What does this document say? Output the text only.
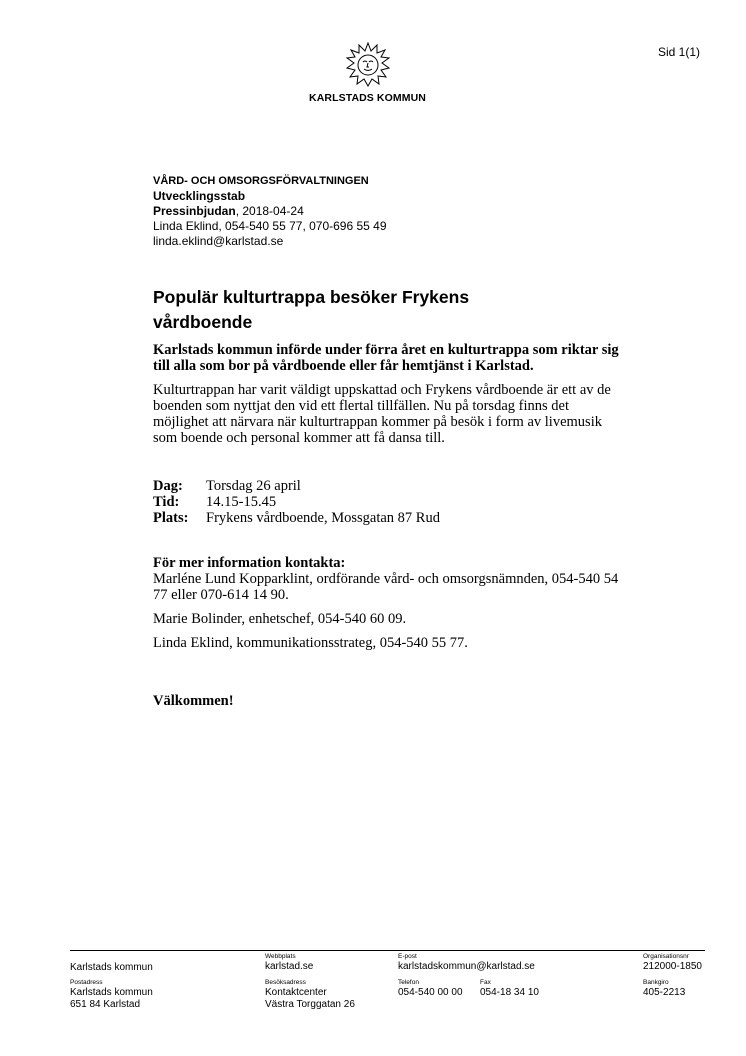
Sid 1(1)
KARLSTADS KOMMUN
VÅRD- OCH OMSORGSFÖRVALTNINGEN
Utvecklingsstab
Pressinbjudan, 2018-04-24
Linda Eklind, 054-540 55 77, 070-696 55 49
linda.eklind@karlstad.se
Populär kulturtrappa besöker Frykens vårdboende

Karlstads kommun införde under förra året en kulturtrappa som riktar sig till alla som bor på vårdboende eller får hemtjänst i Karlstad.

Kulturtrappan har varit väldigt uppskattad och Frykens vårdboende är ett av de boenden som nyttjat den vid ett flertal tillfällen. Nu på torsdag finns det möjlighet att närvara när kulturtrappan kommer på besök i form av livemusik som boende och personal kommer att få dansa till.

Dag:	Torsdag 26 april
Tid:	14.15-15.45
Plats:	Frykens vårdboende, Mossgatan 87 Rud
För mer information kontakta:

Marléne Lund Kopparklint, ordförande vård- och omsorgsnämnden, 054-540 54 77 eller 070-614 14 90.

Marie Bolinder, enhetschef, 054-540 60 09.

Linda Eklind, kommunikationsstrateg, 054-540 55 77.

Välkommen!
Karlstads kommun
Webbplats
karlstad.se
E-post
karlstadskommun@karlstad.se
Organisationsnr
212000-1850
Postadress
Karlstads kommun
651 84 Karlstad
Besöksadress
Kontaktcenter
Västra Torggatan 26
Telefon
054-540 00 00
Fax
054-18 34 10
Bankgiro
405-2213
